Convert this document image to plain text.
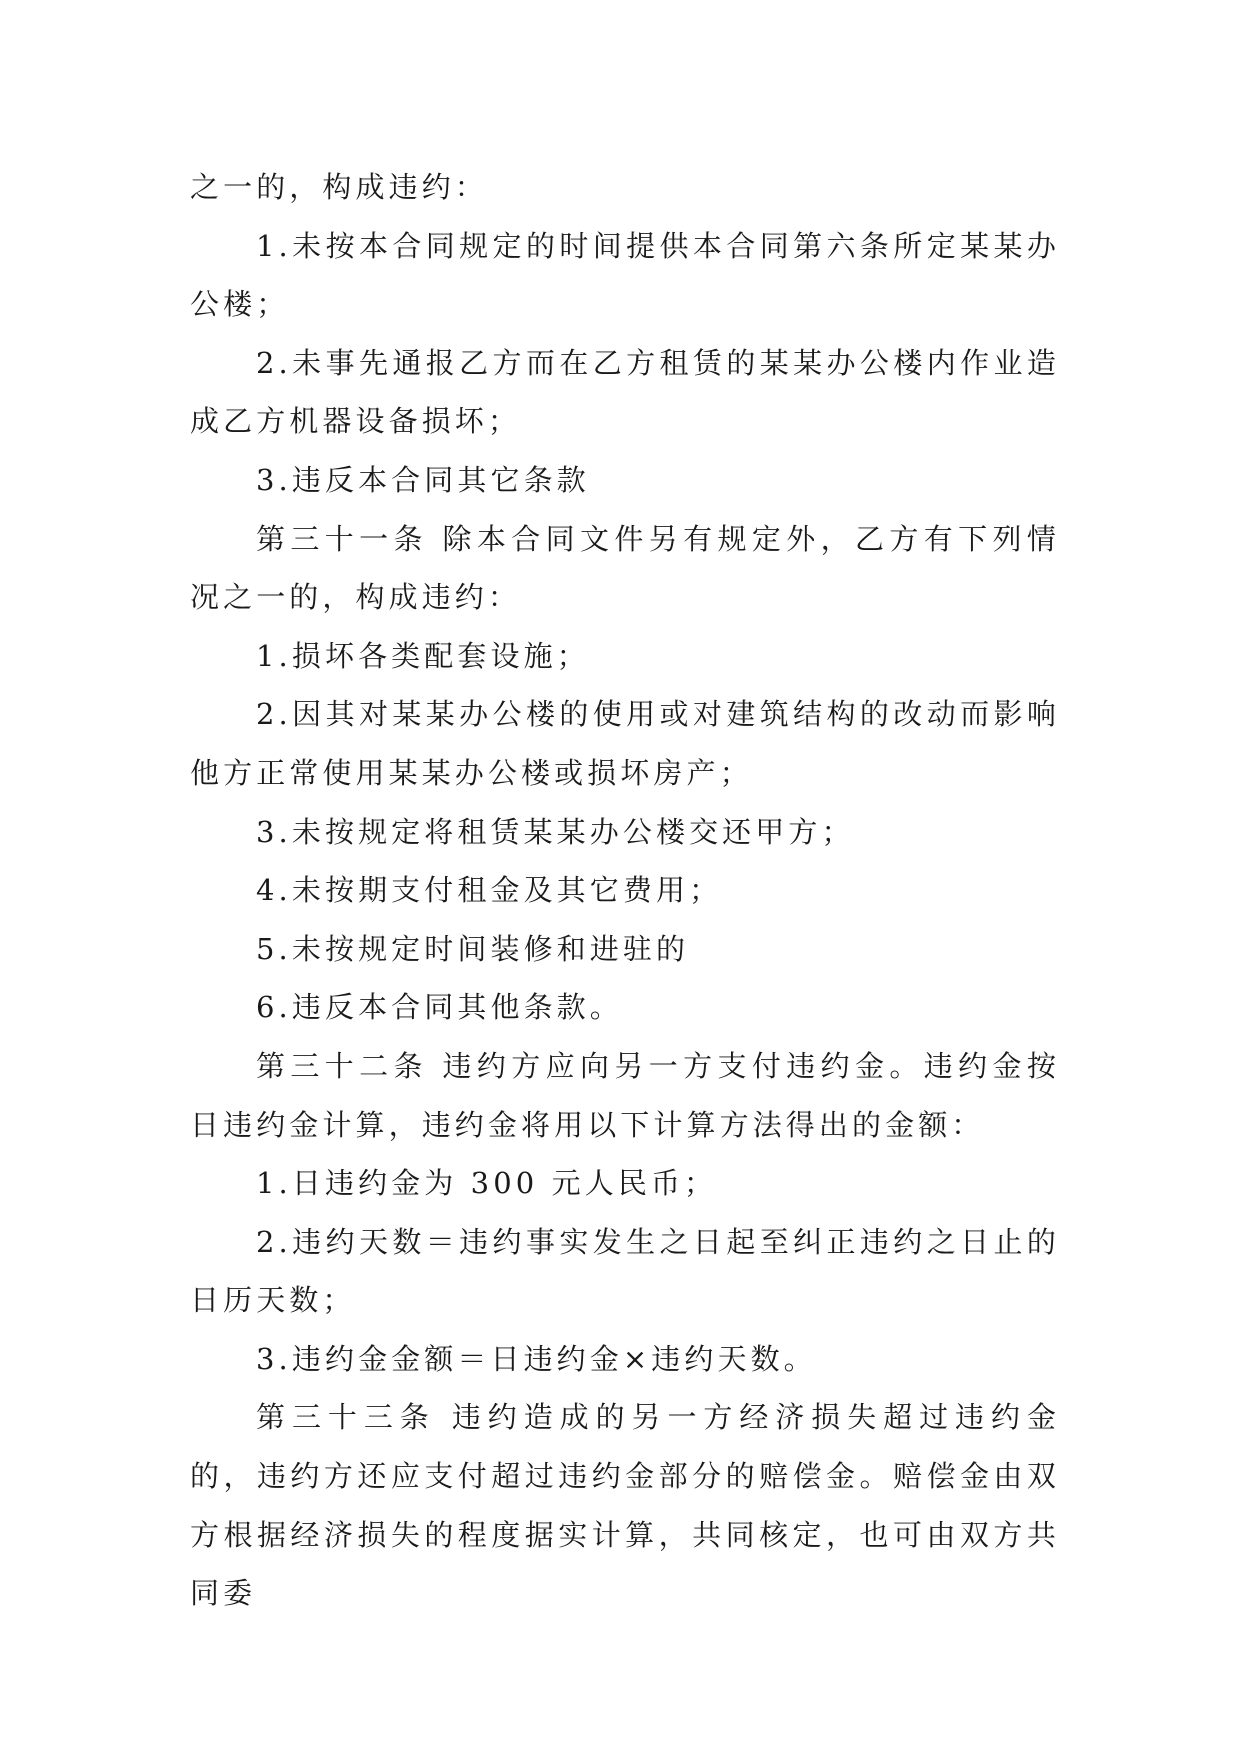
之一的，构成违约：

1.未按本合同规定的时间提供本合同第六条所定某某办公楼；

2.未事先通报乙方而在乙方租赁的某某办公楼内作业造成乙方机器设备损坏；

3.违反本合同其它条款

第三十一条 除本合同文件另有规定外，乙方有下列情况之一的，构成违约：

1.损坏各类配套设施；

2.因其对某某办公楼的使用或对建筑结构的改动而影响他方正常使用某某办公楼或损坏房产；

3.未按规定将租赁某某办公楼交还甲方；

4.未按期支付租金及其它费用；

5.未按规定时间装修和进驻的

6.违反本合同其他条款。

第三十二条 违约方应向另一方支付违约金。违约金按日违约金计算，违约金将用以下计算方法得出的金额：

1.日违约金为 300 元人民币；

2.违约天数＝违约事实发生之日起至纠正违约之日止的日历天数；

3.违约金金额＝日违约金×违约天数。

第三十三条 违约造成的另一方经济损失超过违约金的，违约方还应支付超过违约金部分的赔偿金。赔偿金由双方根据经济损失的程度据实计算，共同核定，也可由双方共同委
